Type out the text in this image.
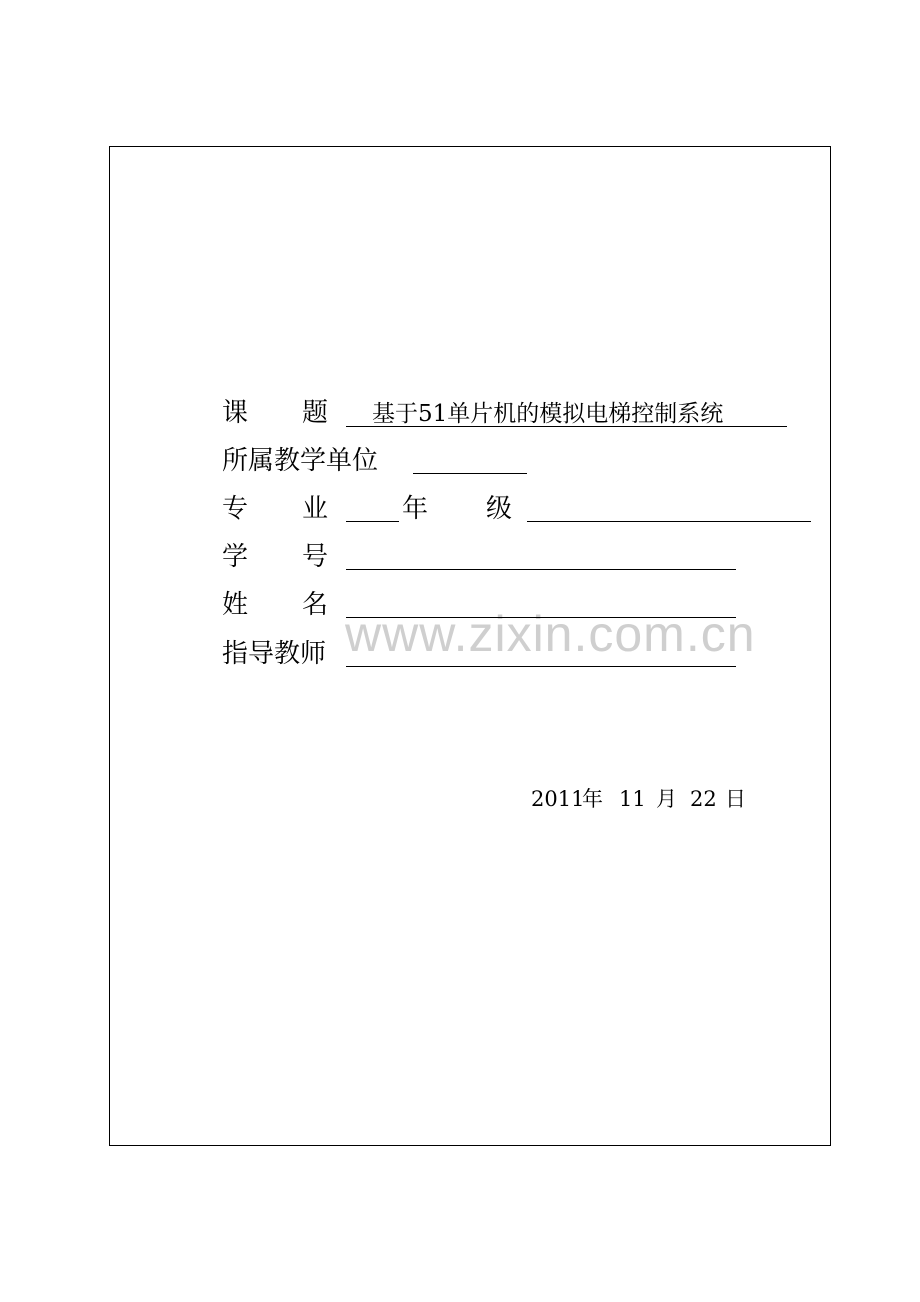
www.zixin.com.cn
课 题 基于51单片机的模拟电梯控制系统
所属教学单位
专 业	年 级
学 号
姓 名
指导教师
2011
年 11 月 22 日
